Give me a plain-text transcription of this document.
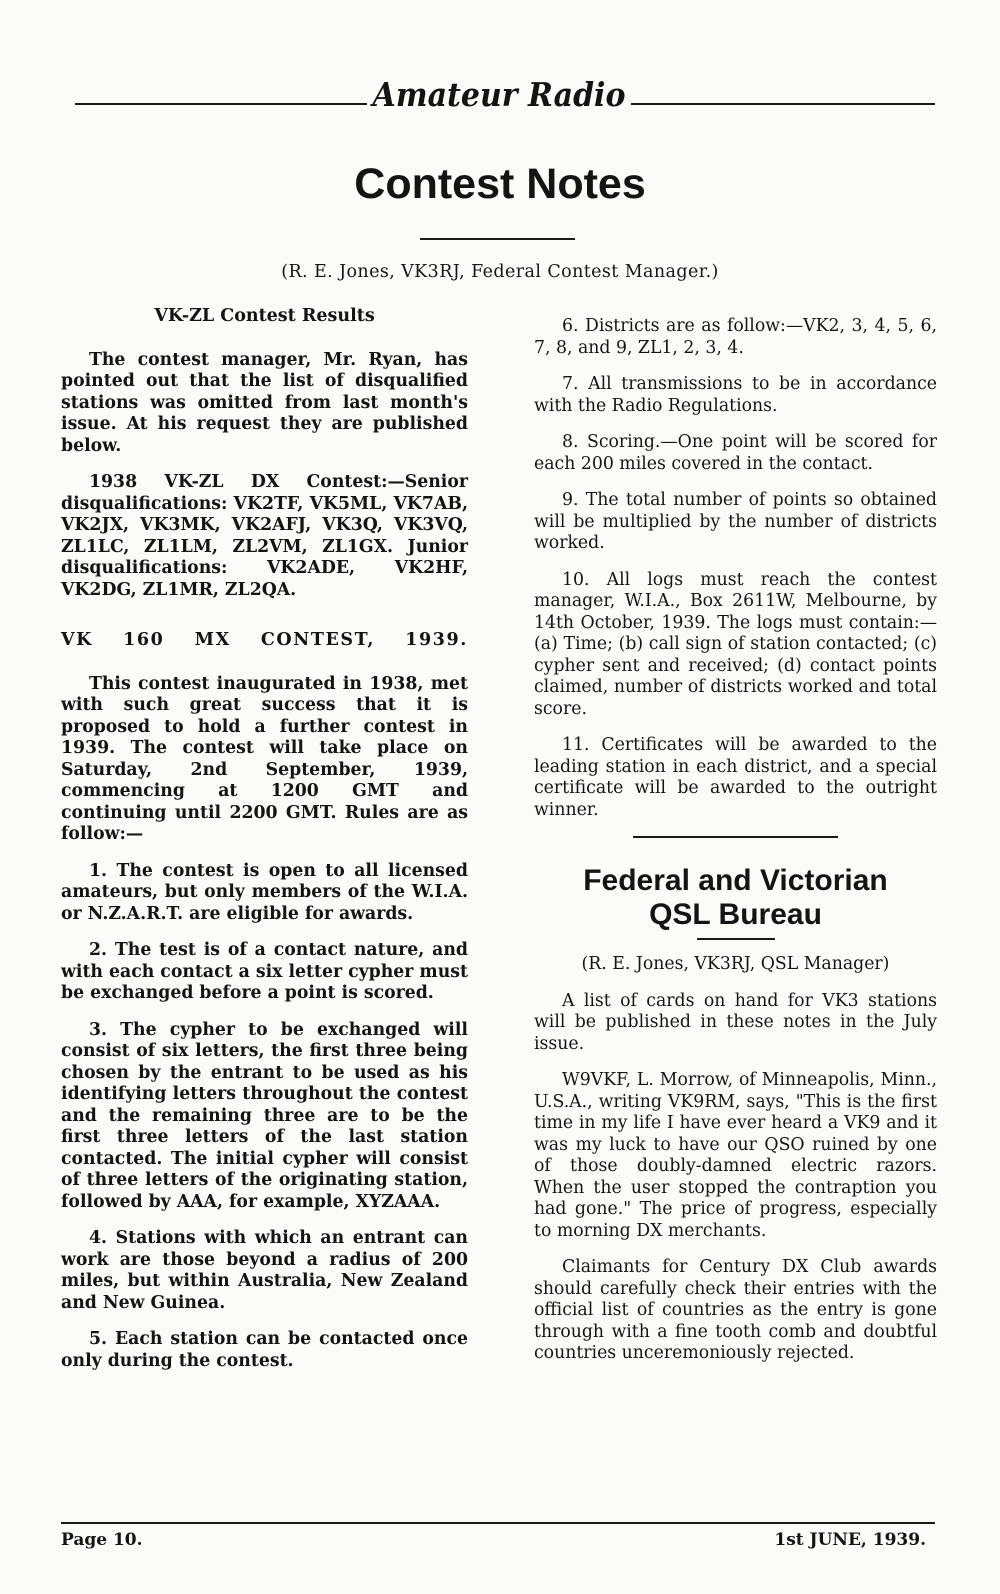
Amateur Radio
Contest Notes
(R. E. Jones, VK3RJ, Federal Contest Manager.)
VK-ZL Contest Results

The contest manager, Mr. Ryan, has pointed out that the list of disqualified stations was omitted from last month's issue. At his request they are published below.

1938 VK-ZL DX Contest:—Senior disqualifications: VK2TF, VK5ML, VK7AB, VK2JX, VK3MK, VK2AFJ, VK3Q, VK3VQ, ZL1LC, ZL1LM, ZL2VM, ZL1GX. Junior disqualifications: VK2ADE, VK2HF, VK2DG, ZL1MR, ZL2QA.

VK 160 MX CONTEST, 1939.

This contest inaugurated in 1938, met with such great success that it is proposed to hold a further contest in 1939. The contest will take place on Saturday, 2nd September, 1939, commencing at 1200 GMT and continuing until 2200 GMT. Rules are as follow:—

1. The contest is open to all licensed amateurs, but only members of the W.I.A. or N.Z.A.R.T. are eligible for awards.

2. The test is of a contact nature, and with each contact a six letter cypher must be exchanged before a point is scored.

3. The cypher to be exchanged will consist of six letters, the first three being chosen by the entrant to be used as his identifying letters throughout the contest and the remaining three are to be the first three letters of the last station contacted. The initial cypher will consist of three letters of the originating station, followed by AAA, for example, XYZAAA.

4. Stations with which an entrant can work are those beyond a radius of 200 miles, but within Australia, New Zealand and New Guinea.

5. Each station can be contacted once only during the contest.

6. Districts are as follow:—VK2, 3, 4, 5, 6, 7, 8, and 9, ZL1, 2, 3, 4.

7. All transmissions to be in accordance with the Radio Regulations.

8. Scoring.—One point will be scored for each 200 miles covered in the contact.

9. The total number of points so obtained will be multiplied by the number of districts worked.

10. All logs must reach the contest manager, W.I.A., Box 2611W, Melbourne, by 14th October, 1939. The logs must contain:—(a) Time; (b) call sign of station contacted; (c) cypher sent and received; (d) contact points claimed, number of districts worked and total score.

11. Certificates will be awarded to the leading station in each district, and a special certificate will be awarded to the outright winner.

Federal and Victorian
QSL Bureau

(R. E. Jones, VK3RJ, QSL Manager)

A list of cards on hand for VK3 stations will be published in these notes in the July issue.

W9VKF, L. Morrow, of Minneapolis, Minn., U.S.A., writing VK9RM, says, "This is the first time in my life I have ever heard a VK9 and it was my luck to have our QSO ruined by one of those doubly-damned electric razors. When the user stopped the contraption you had gone." The price of progress, especially to morning DX merchants.

Claimants for Century DX Club awards should carefully check their entries with the official list of countries as the entry is gone through with a fine tooth comb and doubtful countries unceremoniously rejected.

Page 10.	1st JUNE, 1939.
